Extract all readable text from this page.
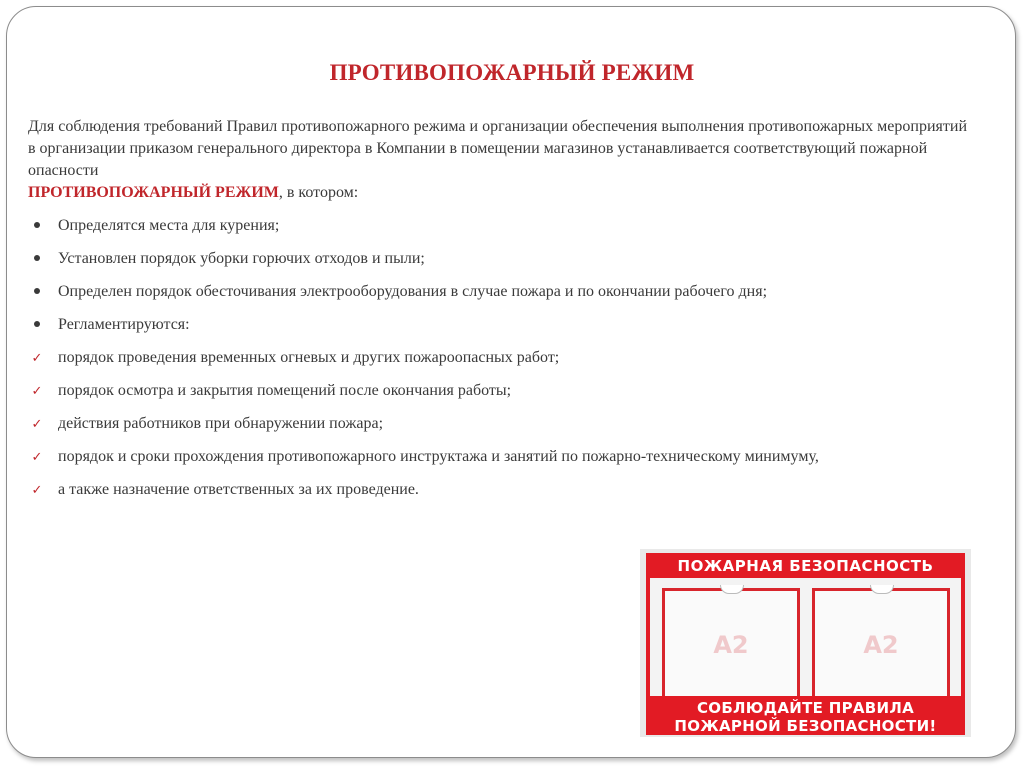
ПРОТИВОПОЖАРНЫЙ РЕЖИМ

Для соблюдения требований Правил противопожарного режима и организации обеспечения выполнения противопожарных мероприятий в организации приказом генерального директора в Компании в помещении магазинов устанавливается соответствующий пожарной опасности

ПРОТИВОПОЖАРНЫЙ РЕЖИМ, в котором:

Определятся места для курения;
Установлен порядок уборки горючих отходов и пыли;
Определен порядок обесточивания электрооборудования в случае пожара и по окончании рабочего дня;
Регламентируются:
✓ порядок проведения временных огневых и других пожароопасных работ;
✓ порядок осмотра и закрытия помещений после окончания работы;
✓ действия работников при обнаружении пожара;
✓ порядок и сроки прохождения противопожарного инструктажа и занятий по пожарно-техническому минимуму,
✓ а также назначение ответственных за их проведение.
ПОЖАРНАЯ БЕЗОПАСНОСТЬ
А2	А2
СОБЛЮДАЙТЕ ПРАВИЛА
ПОЖАРНОЙ БЕЗОПАСНОСТИ!
